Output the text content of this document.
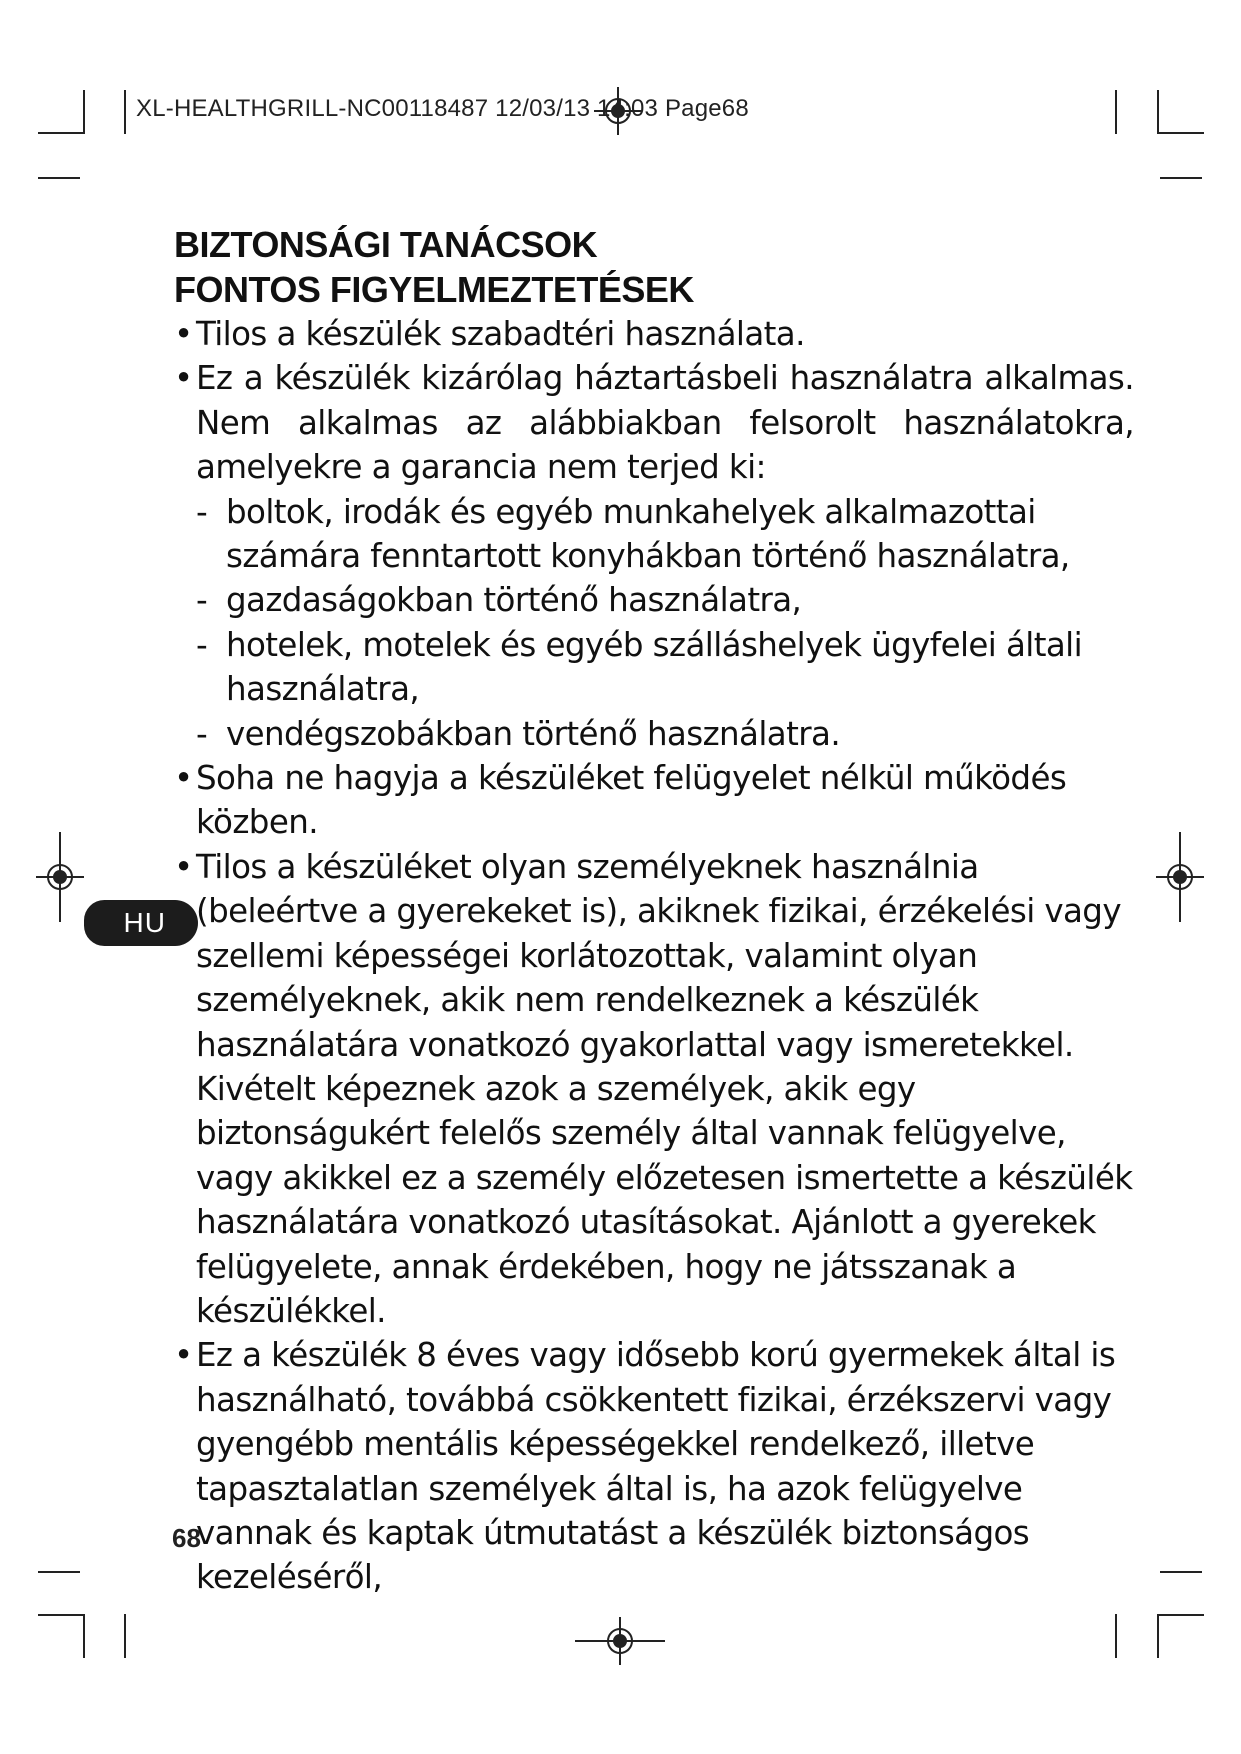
XL-HEALTHGRILL-NC00118487 12/03/13 14:03 Page68
HU
BIZTONSÁGI TANÁCSOK
FONTOS FIGYELMEZTETÉSEK
• Tilos a készülék szabadtéri használata.
• Ez a készülék kizárólag háztartásbeli használatra alkalmas. Nem alkalmas az alábbiakban felsorolt használatokra, amelyekre a garancia nem terjed ki:
- boltok, irodák és egyéb munkahelyek alkalmazottai számára fenntartott konyhákban történő használatra,
- gazdaságokban történő használatra,
- hotelek, motelek és egyéb szálláshelyek ügyfelei általi használatra,
- vendégszobákban történő használatra.
• Soha ne hagyja a készüléket felügyelet nélkül működés közben.
• Tilos a készüléket olyan személyeknek használnia (beleértve a gyerekeket is), akiknek fizikai, érzékelési vagy szellemi képességei korlátozottak, valamint olyan személyeknek, akik nem rendelkeznek a készülék használatára vonatkozó gyakorlattal vagy ismeretekkel. Kivételt képeznek azok a személyek, akik egy biztonságukért felelős személy által vannak felügyelve, vagy akikkel ez a személy előzetesen ismertette a készülék használatára vonatkozó utasításokat. Ajánlott a gyerekek felügyelete, annak érdekében, hogy ne játsszanak a készülékkel.
• Ez a készülék 8 éves vagy idősebb korú gyermekek által is használható, továbbá csökkentett fizikai, érzékszervi vagy gyengébb mentális képességekkel rendelkező, illetve tapasztalatlan személyek által is, ha azok felügyelve vannak és kaptak útmutatást a készülék biztonságos kezeléséről,
68
